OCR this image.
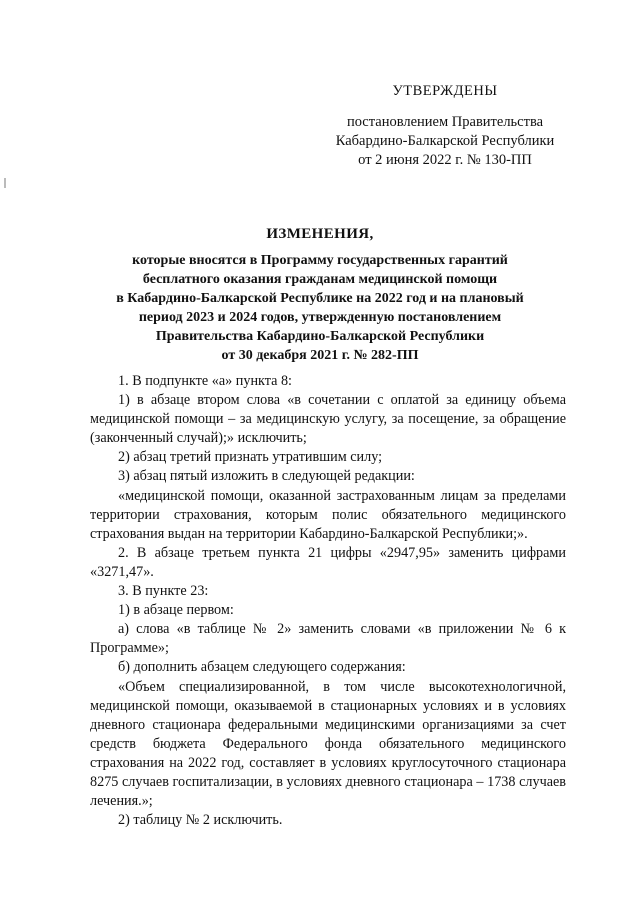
УТВЕРЖДЕНЫ
постановлением Правительства
Кабардино-Балкарской Республики
от 2 июня 2022 г. № 130-ПП
ИЗМЕНЕНИЯ,
которые вносятся в Программу государственных гарантий
бесплатного оказания гражданам медицинской помощи
в Кабардино-Балкарской Республике на 2022 год и на плановый
период 2023 и 2024 годов, утвержденную постановлением
Правительства Кабардино-Балкарской Республики
от 30 декабря 2021 г. № 282-ПП

1. В подпункте «а» пункта 8:

1) в абзаце втором слова «в сочетании с оплатой за единицу объема медицинской помощи – за медицинскую услугу, за посещение, за обращение (законченный случай);» исключить;

2) абзац третий признать утратившим силу;

3) абзац пятый изложить в следующей редакции:

«медицинской помощи, оказанной застрахованным лицам за пределами территории страхования, которым полис обязательного медицинского страхования выдан на территории Кабардино-Балкарской Республики;».

2. В абзаце третьем пункта 21 цифры «2947,95» заменить цифрами «3271,47».

3. В пункте 23:

1) в абзаце первом:

а) слова «в таблице № 2» заменить словами «в приложении № 6 к Программе»;

б) дополнить абзацем следующего содержания:

«Объем специализированной, в том числе высокотехнологичной, медицинской помощи, оказываемой в стационарных условиях и в условиях дневного стационара федеральными медицинскими организациями за счет средств бюджета Федерального фонда обязательного медицинского страхования на 2022 год, составляет в условиях круглосуточного стационара 8275 случаев госпитализации, в условиях дневного стационара – 1738 случаев лечения.»;

2) таблицу № 2 исключить.
